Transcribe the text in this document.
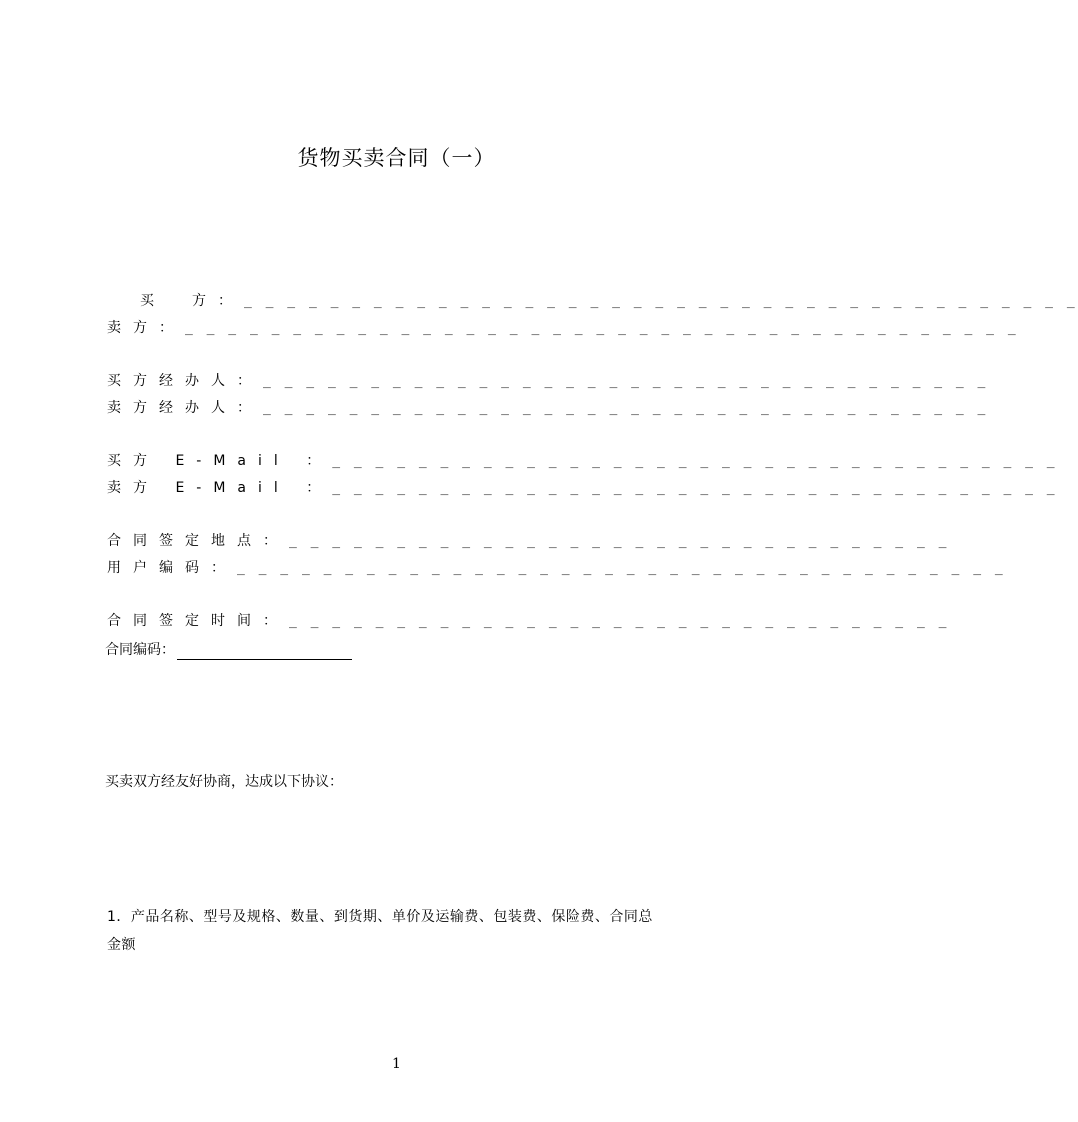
货物买卖合同（一）
买　方：_ _ _ _ _ _ _ _ _ _ _ _ _ _ _ _ _ _ _ _ _ _ _ _ _ _ _ _ _ _ _ _ _ _ _ _ _ _ _
卖方：_ _ _ _ _ _ _ _ _ _ _ _ _ _ _ _ _ _ _ _ _ _ _ _ _ _ _ _ _ _ _ _ _ _ _ _ _ _ _
买方经办人：_ _ _ _ _ _ _ _ _ _ _ _ _ _ _ _ _ _ _ _ _ _ _ _ _ _ _ _ _ _ _ _ _ _
卖方经办人：_ _ _ _ _ _ _ _ _ _ _ _ _ _ _ _ _ _ _ _ _ _ _ _ _ _ _ _ _ _ _ _ _ _
买方 E-Mail ：_ _ _ _ _ _ _ _ _ _ _ _ _ _ _ _ _ _ _ _ _ _ _ _ _ _ _ _ _ _ _ _ _ _
卖方 E-Mail ：_ _ _ _ _ _ _ _ _ _ _ _ _ _ _ _ _ _ _ _ _ _ _ _ _ _ _ _ _ _ _ _ _ _
合同签定地点：_ _ _ _ _ _ _ _ _ _ _ _ _ _ _ _ _ _ _ _ _ _ _ _ _ _ _ _ _ _ _
用户编码：_ _ _ _ _ _ _ _ _ _ _ _ _ _ _ _ _ _ _ _ _ _ _ _ _ _ _ _ _ _ _ _ _ _ _ _
合同签定时间：_ _ _ _ _ _ _ _ _ _ _ _ _ _ _ _ _ _ _ _ _ _ _ _ _ _ _ _ _ _ _
合同编码：
买卖双方经友好协商，达成以下协议：
1．产品名称、型号及规格、数量、到货期、单价及运输费、包装费、保险费、合同总
金额
1
